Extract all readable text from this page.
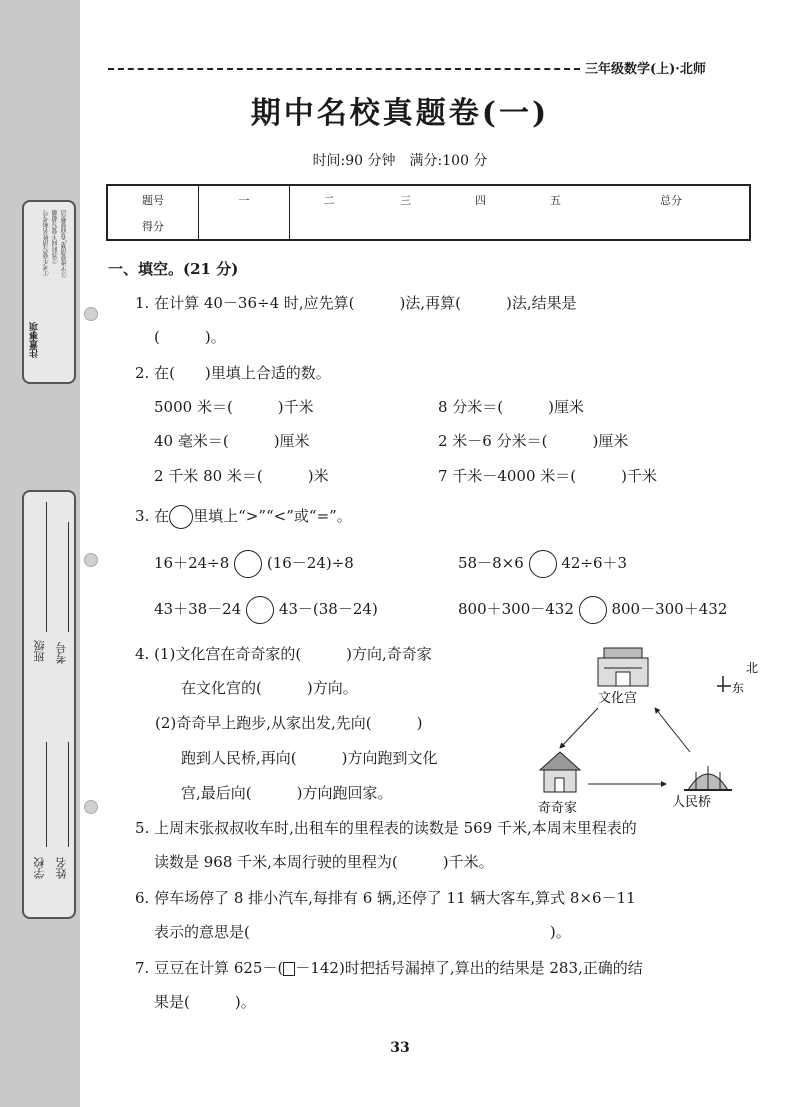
注意事项
①考生要写清姓名和考号 ②答时间不要写超越 ③字迹要清楚,卷面要整洁
班级 考号
学校 姓名
三年级数学(上)·北师
期中名校真题卷(一)
时间:90 分钟　满分:100 分
题号	一	二	三	四	五	总分
得分						
一、填空。(21 分)
1. 在计算 40－36÷4 时,应先算(　　　)法,再算(　　　)法,结果是
(　　　)。
2. 在(　　)里填上合适的数。
5000 米＝(　　　)千米	8 分米＝(　　　)厘米
40 毫米＝(　　　)厘米	2 米－6 分米＝(　　　)厘米
2 千米 80 米＝(　　　)米	7 千米－4000 米＝(　　　)千米
3. 在 里填上“>”“<”或“=”。
16＋24÷8	(16－24)÷8	58－8×6	42÷6＋3
43＋38－24	43－(38－24)	800＋300－432	800－300＋432
4. (1)文化宫在奇奇家的(　　　)方向,奇奇家
在文化宫的(　　　)方向。
(2)奇奇早上跑步,从家出发,先向(　　　)
跑到人民桥,再向(　　　)方向跑到文化
宫,最后向(　　　)方向跑回家。
北
东
文化宫
奇奇家	人民桥
5. 上周末张叔叔收车时,出租车的里程表的读数是 569 千米,本周末里程表的
读数是 968 千米,本周行驶的里程为(　　　)千米。
6. 停车场停了 8 排小汽车,每排有 6 辆,还停了 11 辆大客车,算式 8×6－11
表示的意思是(　　　　　　　　　　　　　　　　　　　　)。
7. 豆豆在计算 625－( －142)时把括号漏掉了,算出的结果是 283,正确的结
果是(　　　)。
33
